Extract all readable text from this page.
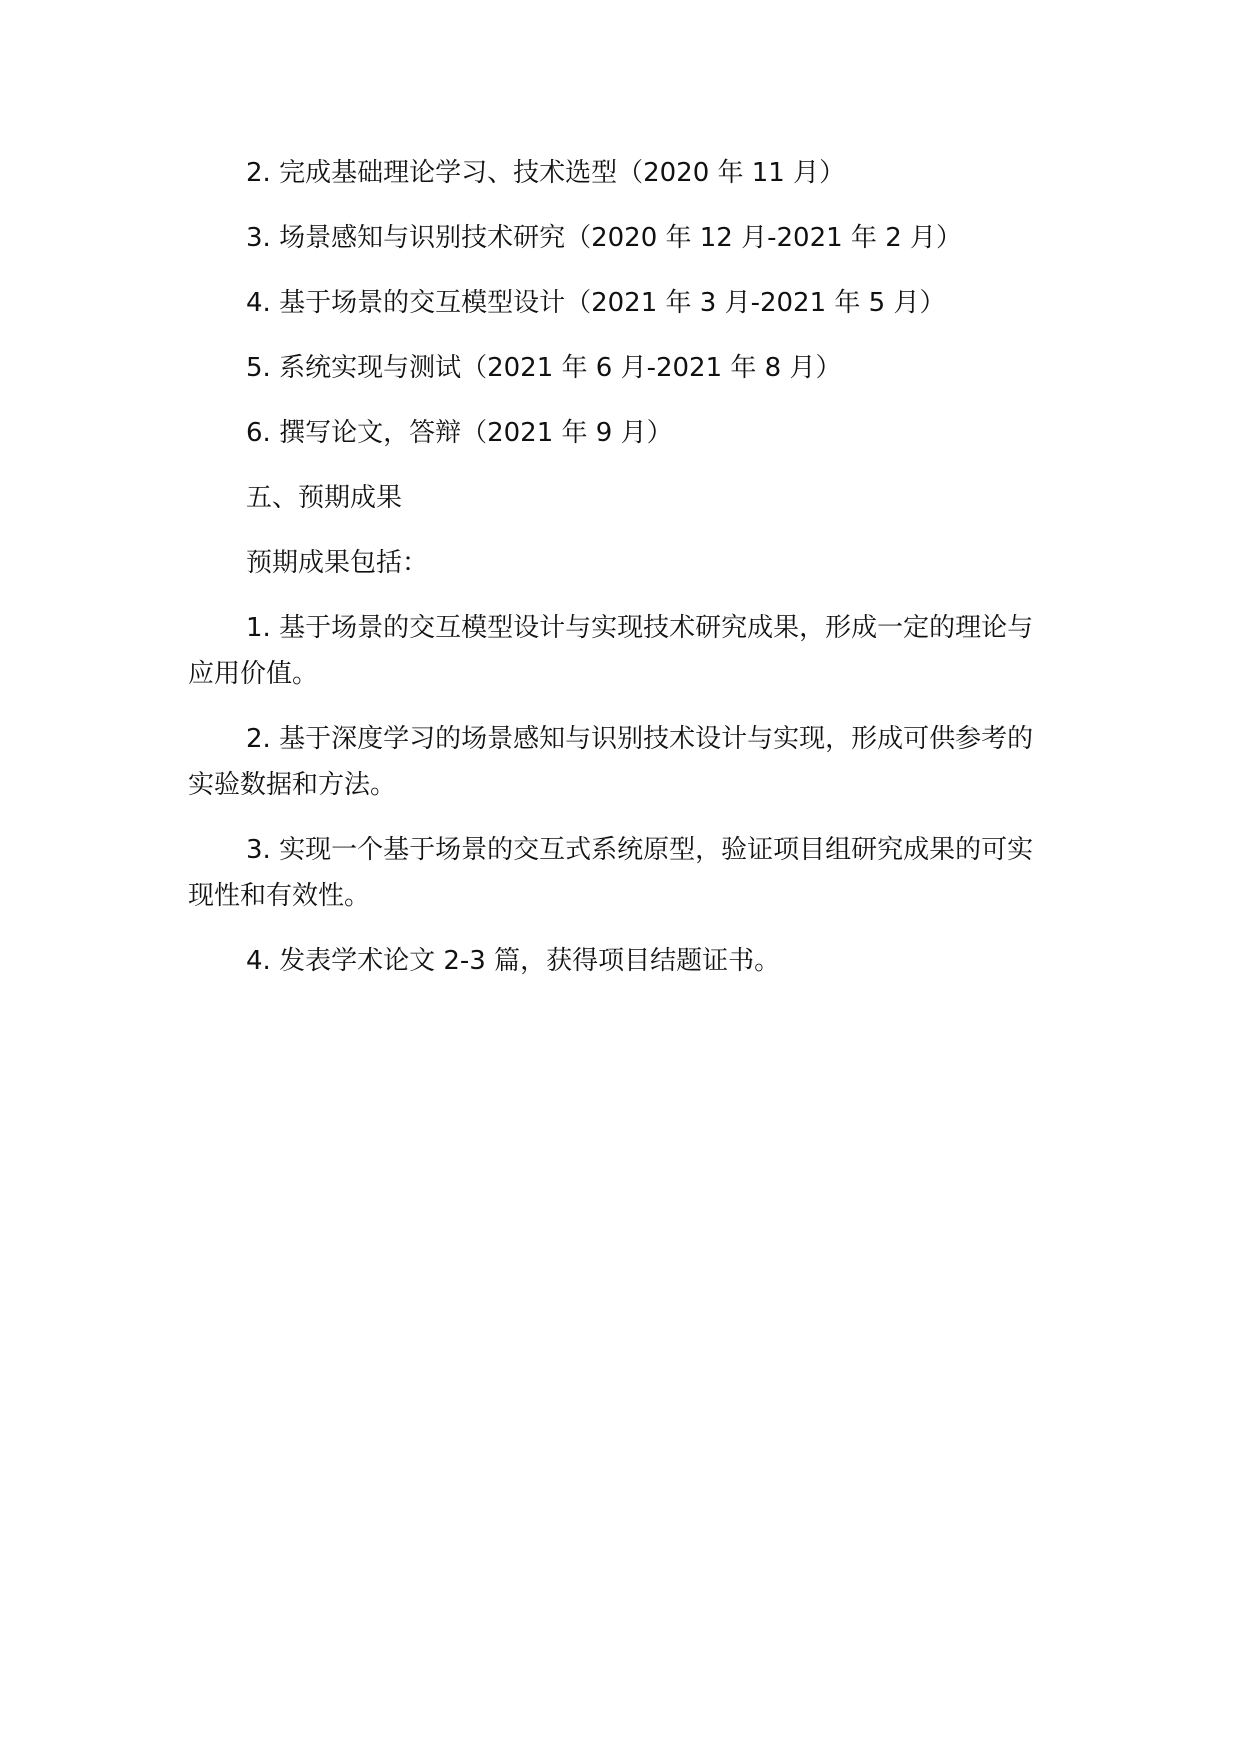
2. 完成基础理论学习、技术选型（2020 年 11 月）

3. 场景感知与识别技术研究（2020 年 12 月-2021 年 2 月）

4. 基于场景的交互模型设计（2021 年 3 月-2021 年 5 月）

5. 系统实现与测试（2021 年 6 月-2021 年 8 月）

6. 撰写论文，答辩（2021 年 9 月）

五、预期成果

预期成果包括：

1. 基于场景的交互模型设计与实现技术研究成果，形成一定的理论与应用价值。

2. 基于深度学习的场景感知与识别技术设计与实现，形成可供参考的实验数据和方法。

3. 实现一个基于场景的交互式系统原型，验证项目组研究成果的可实现性和有效性。

4. 发表学术论文 2-3 篇，获得项目结题证书。
